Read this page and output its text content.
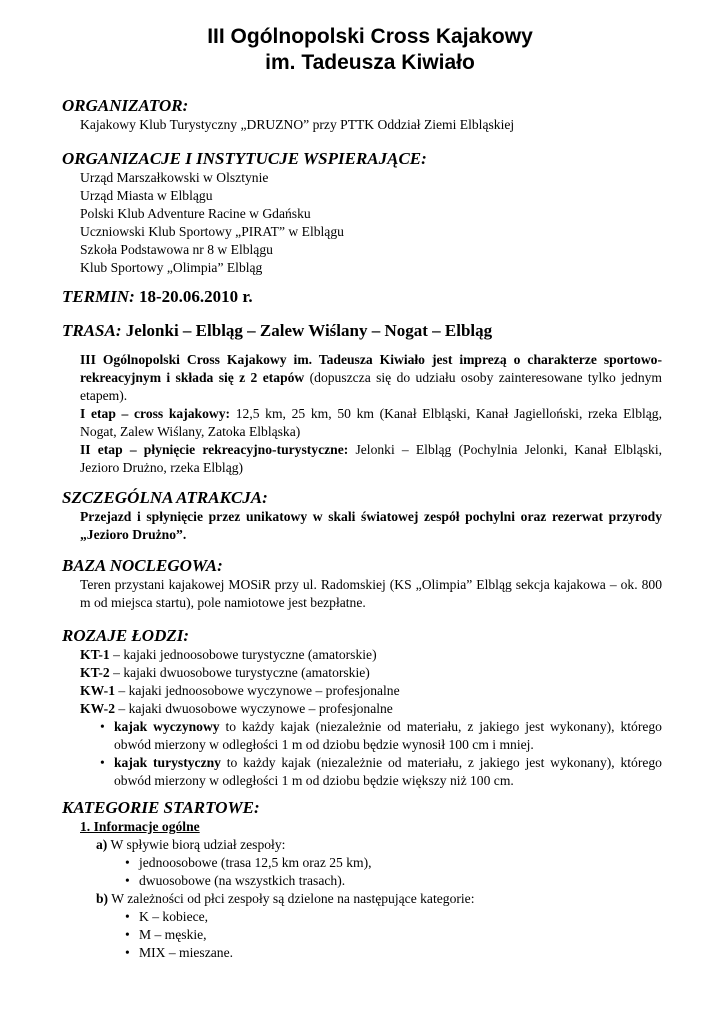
III Ogólnopolski Cross Kajakowy
im. Tadeusza Kiwiało
ORGANIZATOR:
Kajakowy Klub Turystyczny „DRUZNO” przy PTTK Oddział Ziemi Elbląskiej
ORGANIZACJE I INSTYTUCJE WSPIERAJĄCE:
Urząd Marszałkowski w Olsztynie
Urząd Miasta w Elblągu
Polski Klub Adventure Racine w Gdańsku
Uczniowski Klub Sportowy „PIRAT” w Elblągu
Szkoła Podstawowa nr 8 w Elblągu
Klub Sportowy „Olimpia” Elbląg
TERMIN: 18-20.06.2010 r.
TRASA: Jelonki – Elbląg – Zalew Wiślany – Nogat – Elbląg
III Ogólnopolski Cross Kajakowy im. Tadeusza Kiwiało jest imprezą o charakterze sportowo-rekreacyjnym i składa się z 2 etapów (dopuszcza się do udziału osoby zainteresowane tylko jednym etapem).
I etap – cross kajakowy: 12,5 km, 25 km, 50 km (Kanał Elbląski, Kanał Jagielloński, rzeka Elbląg, Nogat, Zalew Wiślany, Zatoka Elbląska)
II etap – płynięcie rekreacyjno-turystyczne: Jelonki – Elbląg (Pochylnia Jelonki, Kanał Elbląski, Jezioro Drużno, rzeka Elbląg)
SZCZEGÓLNA ATRAKCJA:
Przejazd i spłynięcie przez unikatowy w skali światowej zespół pochylni oraz rezerwat przyrody „Jezioro Drużno”.
BAZA NOCLEGOWA:
Teren przystani kajakowej MOSiR przy ul. Radomskiej (KS „Olimpia” Elbląg sekcja kajakowa – ok. 800 m od miejsca startu), pole namiotowe jest bezpłatne.
ROZAJE ŁODZI:
KT-1 – kajaki jednoosobowe turystyczne (amatorskie)
KT-2 – kajaki dwuosobowe turystyczne (amatorskie)
KW-1 – kajaki jednoosobowe wyczynowe – profesjonalne
KW-2 – kajaki dwuosobowe wyczynowe – profesjonalne
• kajak wyczynowy to każdy kajak (niezależnie od materiału, z jakiego jest wykonany), którego obwód mierzony w odległości 1 m od dziobu będzie wynosił 100 cm i mniej.
• kajak turystyczny to każdy kajak (niezależnie od materiału, z jakiego jest wykonany), którego obwód mierzony w odległości 1 m od dziobu będzie większy niż 100 cm.
KATEGORIE STARTOWE:
1. Informacje ogólne
a) W spływie biorą udział zespoły:
• jednoosobowe (trasa 12,5 km oraz 25 km),
• dwuosobowe (na wszystkich trasach).
b) W zależności od płci zespoły są dzielone na następujące kategorie:
• K – kobiece,
• M – męskie,
• MIX – mieszane.
